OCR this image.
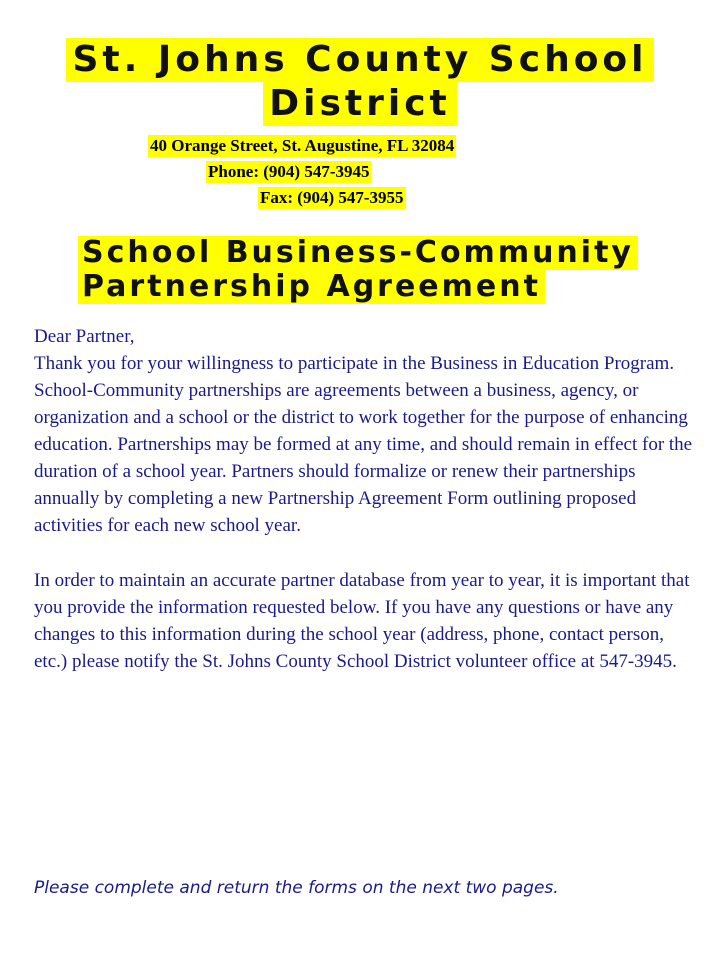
St. Johns County School
District
40 Orange Street, St. Augustine, FL 32084
Phone: (904) 547-3945
Fax: (904) 547-3955
School Business-Community
Partnership Agreement

Dear Partner,

Thank you for your willingness to participate in the Business in Education Program. School-Community partnerships are agreements between a business, agency, or organization and a school or the district to work together for the purpose of enhancing education. Partnerships may be formed at any time, and should remain in effect for the duration of a school year. Partners should formalize or renew their partnerships annually by completing a new Partnership Agreement Form outlining proposed activities for each new school year.

In order to maintain an accurate partner database from year to year, it is important that you provide the information requested below. If you have any questions or have any changes to this information during the school year (address, phone, contact person, etc.) please notify the St. Johns County School District volunteer office at 547-3945.

Please complete and return the forms on the next two pages.
